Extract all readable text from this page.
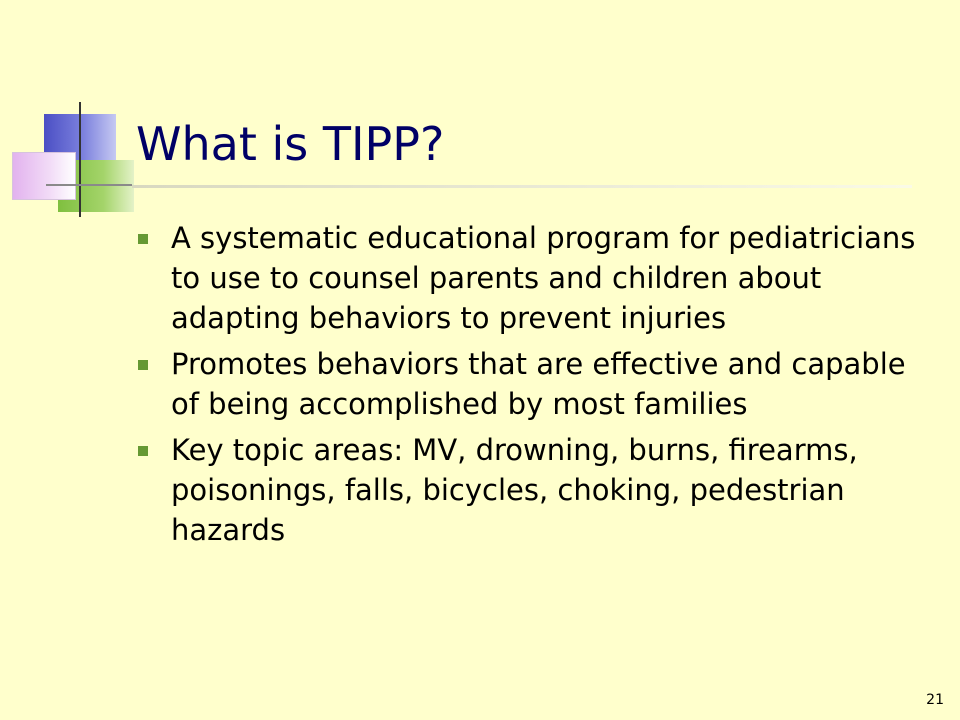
What is TIPP?
A systematic educational program for pediatricians to use to counsel parents and children about adapting behaviors to prevent injuries
Promotes behaviors that are effective and capable of being accomplished by most families
Key topic areas: MV, drowning, burns, firearms, poisonings, falls, bicycles, choking, pedestrian hazards
21
